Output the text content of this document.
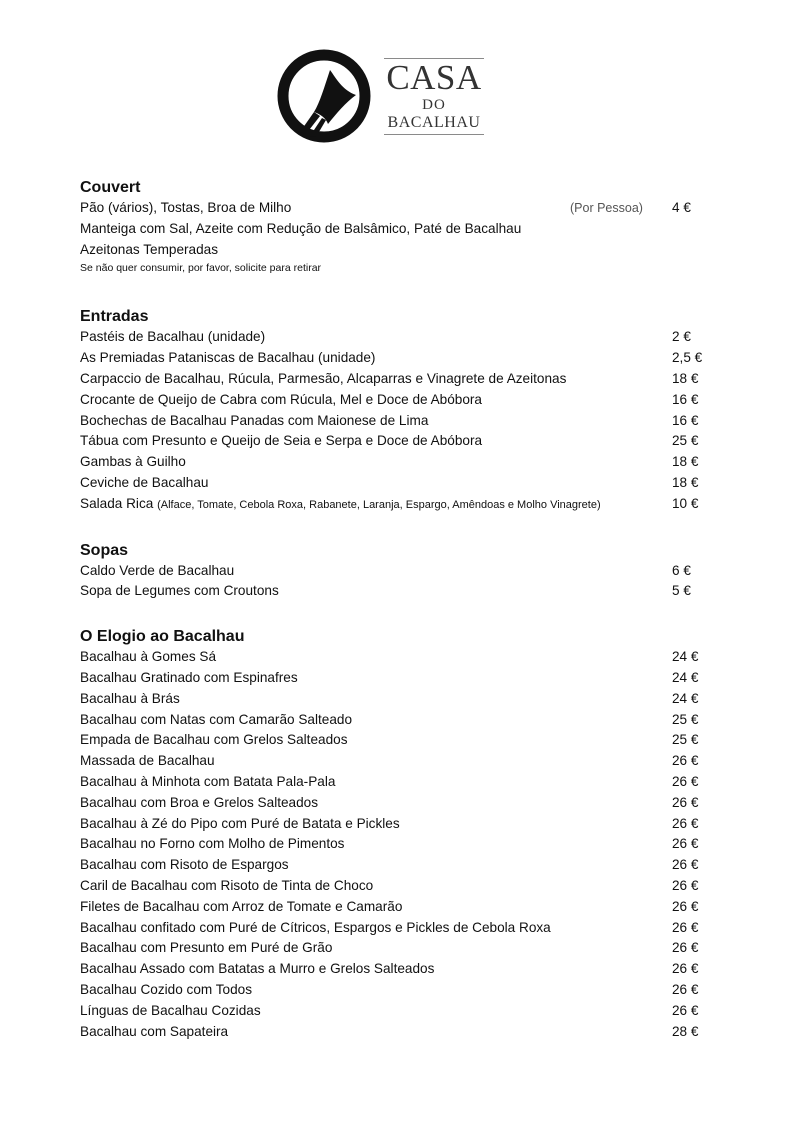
CASA
DO
BACALHAU
Couvert
Pão (vários), Tostas, Broa de Milho	(Por Pessoa) 4 €
Manteiga com Sal, Azeite com Redução de Balsâmico, Paté de Bacalhau
Azeitonas Temperadas
Se não quer consumir, por favor, solicite para retirar
Entradas
Pastéis de Bacalhau (unidade)	2 €
As Premiadas Pataniscas de Bacalhau (unidade)	2,5 €
Carpaccio de Bacalhau, Rúcula, Parmesão, Alcaparras e Vinagrete de Azeitonas	18 €
Crocante de Queijo de Cabra com Rúcula, Mel e Doce de Abóbora	16 €
Bochechas de Bacalhau Panadas com Maionese de Lima	16 €
Tábua com Presunto e Queijo de Seia e Serpa e Doce de Abóbora	25 €
Gambas à Guilho	18 €
Ceviche de Bacalhau	18 €
Salada Rica (Alface, Tomate, Cebola Roxa, Rabanete, Laranja, Espargo, Amêndoas e Molho Vinagrete)	10 €
Sopas
Caldo Verde de Bacalhau	6 €
Sopa de Legumes com Croutons	5 €
O Elogio ao Bacalhau
Bacalhau à Gomes Sá	24 €
Bacalhau Gratinado com Espinafres	24 €
Bacalhau à Brás	24 €
Bacalhau com Natas com Camarão Salteado	25 €
Empada de Bacalhau com Grelos Salteados	25 €
Massada de Bacalhau	26 €
Bacalhau à Minhota com Batata Pala-Pala	26 €
Bacalhau com Broa e Grelos Salteados	26 €
Bacalhau à Zé do Pipo com Puré de Batata e Pickles	26 €
Bacalhau no Forno com Molho de Pimentos	26 €
Bacalhau com Risoto de Espargos	26 €
Caril de Bacalhau com Risoto de Tinta de Choco	26 €
Filetes de Bacalhau com Arroz de Tomate e Camarão	26 €
Bacalhau confitado com Puré de Cítricos, Espargos e Pickles de Cebola Roxa	26 €
Bacalhau com Presunto em Puré de Grão	26 €
Bacalhau Assado com Batatas a Murro e Grelos Salteados	26 €
Bacalhau Cozido com Todos	26 €
Línguas de Bacalhau Cozidas	26 €
Bacalhau com Sapateira	28 €
